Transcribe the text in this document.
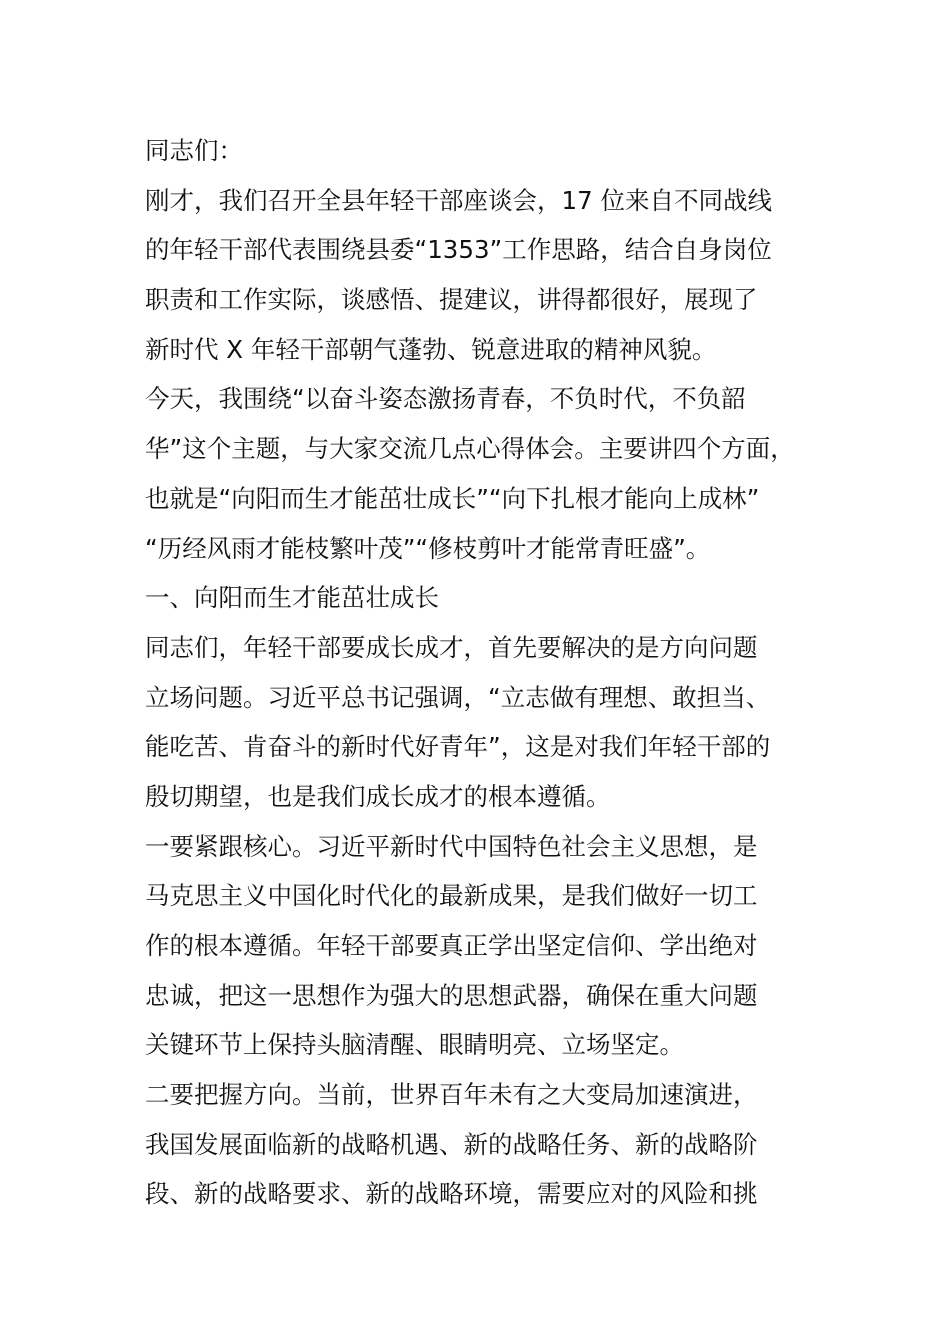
同志们：
刚才，我们召开全县年轻干部座谈会，17 位来自不同战线
的年轻干部代表围绕县委“1353”工作思路，结合自身岗位
职责和工作实际，谈感悟、提建议，讲得都很好，展现了
新时代 X 年轻干部朝气蓬勃、锐意进取的精神风貌。
今天，我围绕“以奋斗姿态激扬青春，不负时代，不负韶
华”这个主题，与大家交流几点心得体会。主要讲四个方面，
也就是“向阳而生才能茁壮成长”“向下扎根才能向上成林”
“历经风雨才能枝繁叶茂”“修枝剪叶才能常青旺盛”。
一、向阳而生才能茁壮成长
同志们，年轻干部要成长成才，首先要解决的是方向问题
立场问题。习近平总书记强调，“立志做有理想、敢担当、
能吃苦、肯奋斗的新时代好青年”，这是对我们年轻干部的
殷切期望，也是我们成长成才的根本遵循。
一要紧跟核心。习近平新时代中国特色社会主义思想，是
马克思主义中国化时代化的最新成果，是我们做好一切工
作的根本遵循。年轻干部要真正学出坚定信仰、学出绝对
忠诚，把这一思想作为强大的思想武器，确保在重大问题
关键环节上保持头脑清醒、眼睛明亮、立场坚定。
二要把握方向。当前，世界百年未有之大变局加速演进，
我国发展面临新的战略机遇、新的战略任务、新的战略阶
段、新的战略要求、新的战略环境，需要应对的风险和挑
